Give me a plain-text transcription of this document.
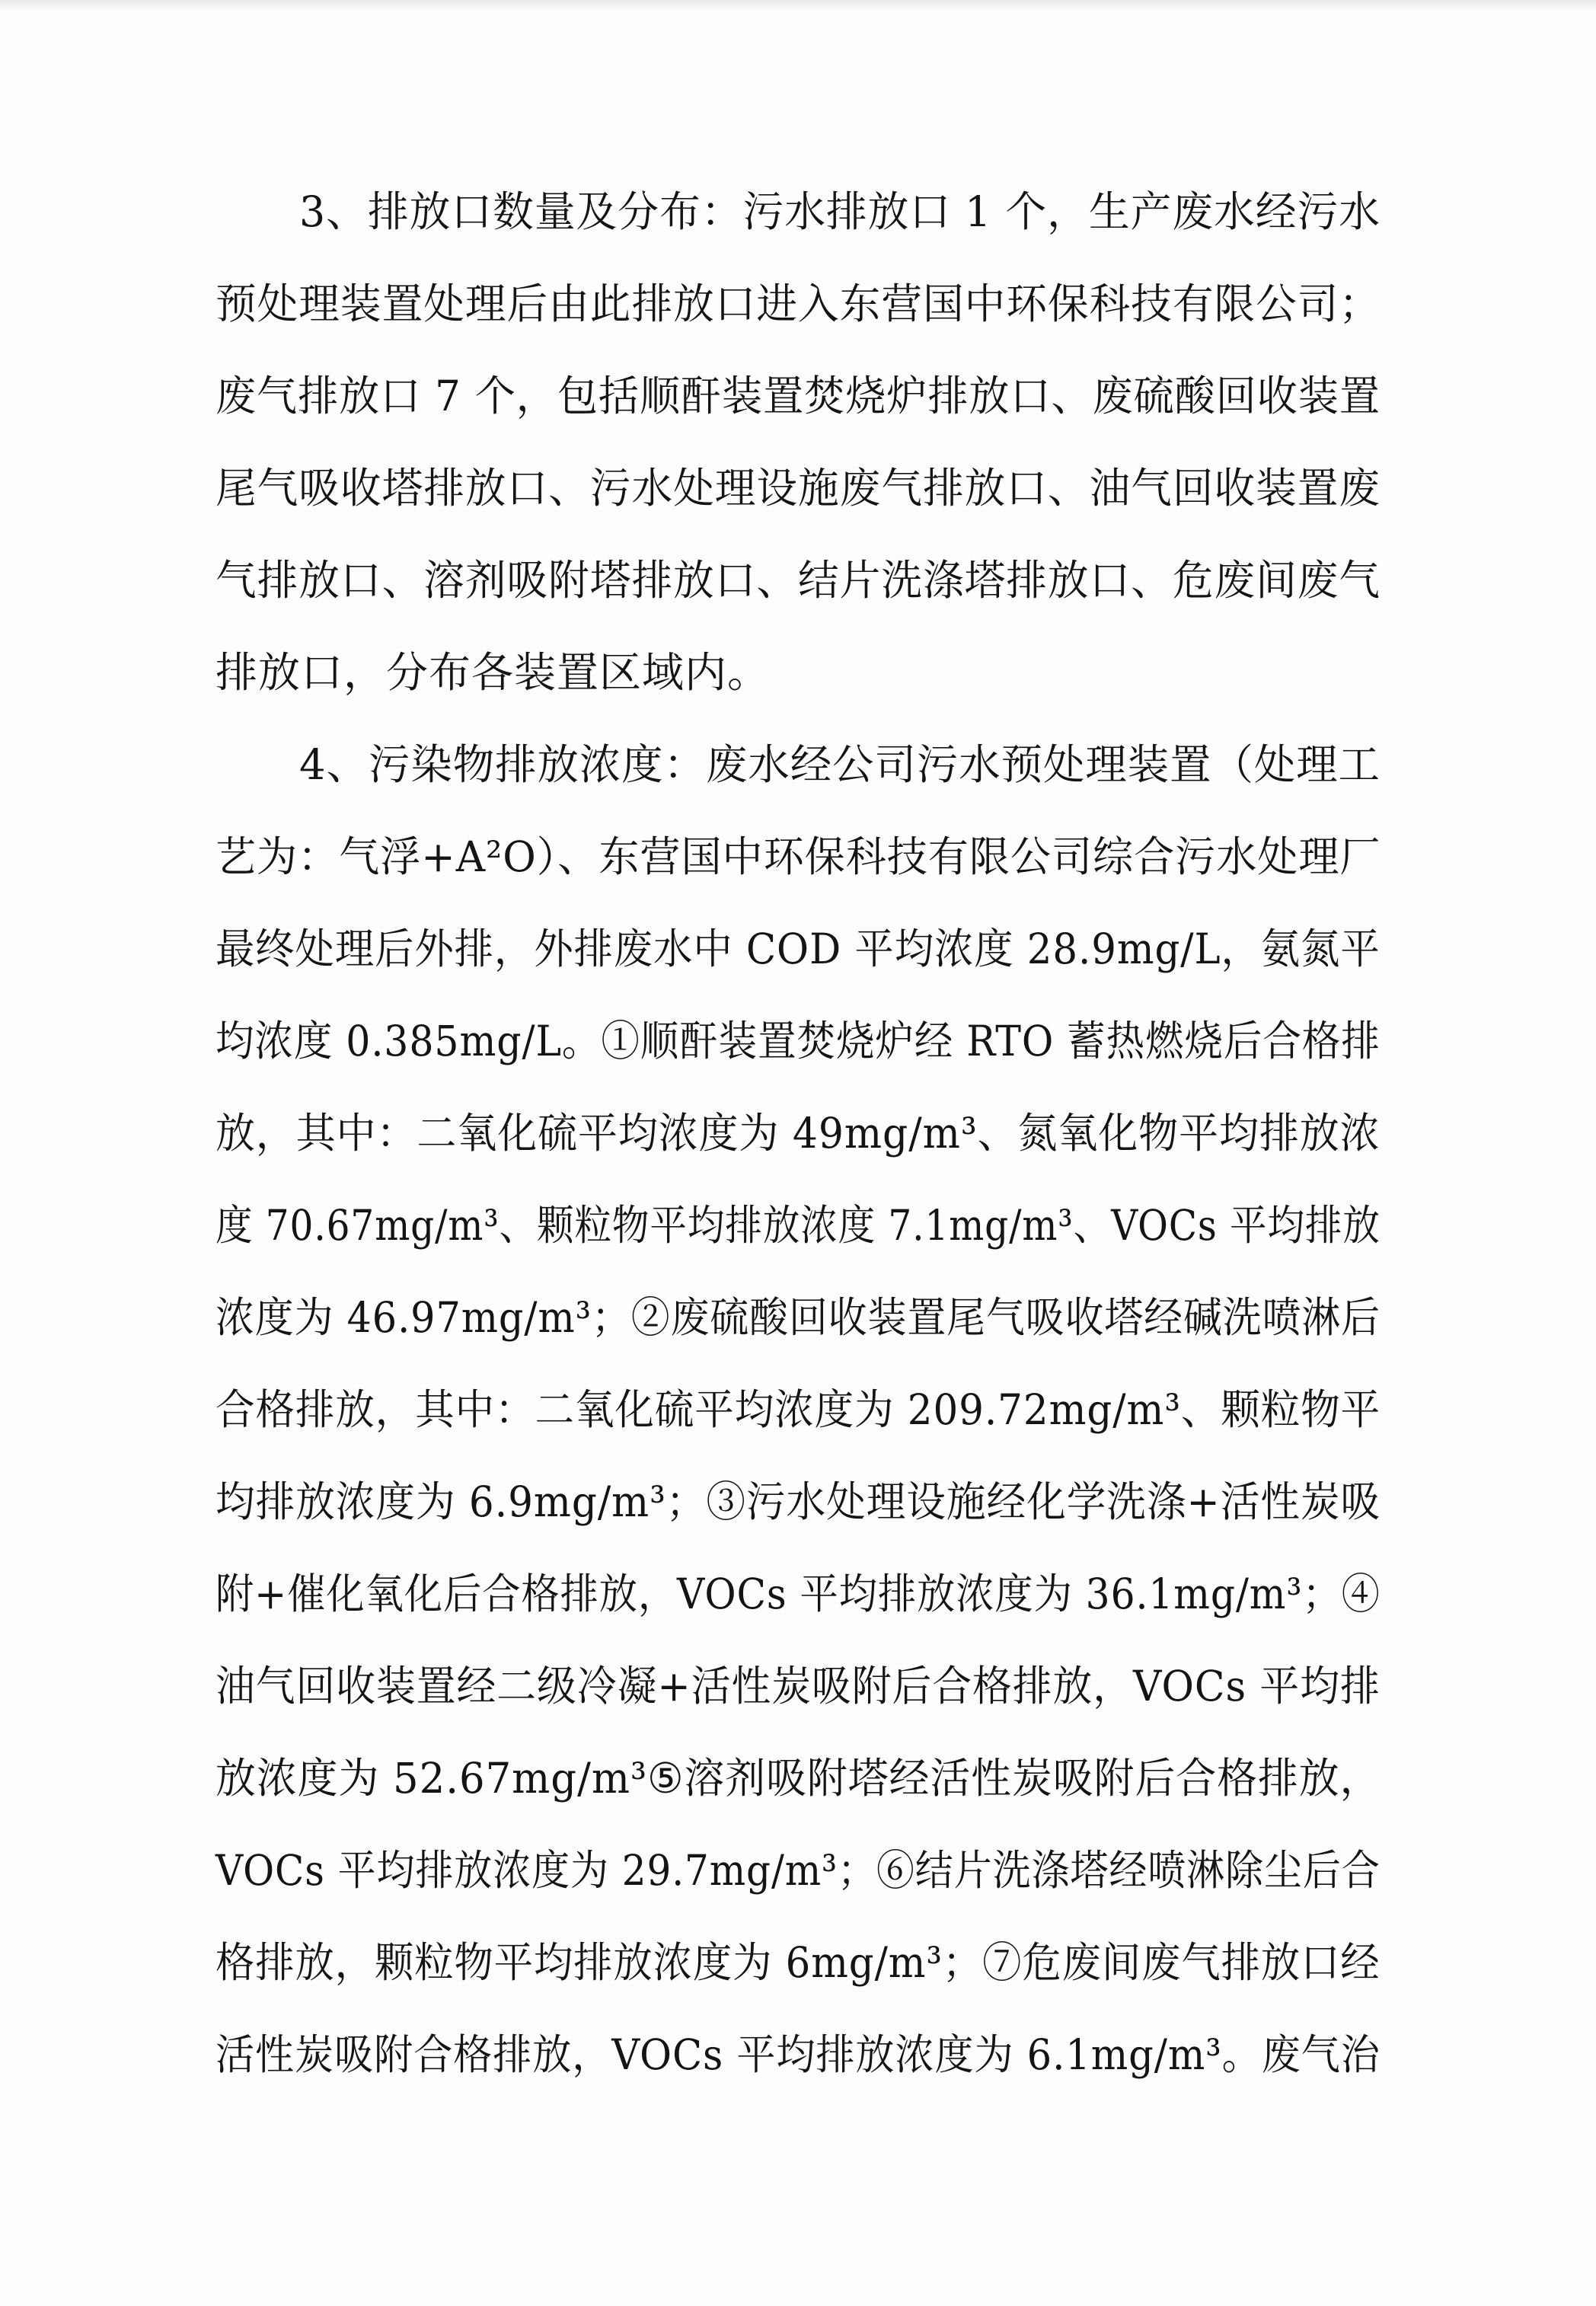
3、排放口数量及分布：污水排放口 1 个，生产废水经污水
预处理装置处理后由此排放口进入东营国中环保科技有限公司；
废气排放口 7 个，包括顺酐装置焚烧炉排放口、废硫酸回收装置
尾气吸收塔排放口、污水处理设施废气排放口、油气回收装置废
气排放口、溶剂吸附塔排放口、结片洗涤塔排放口、危废间废气
排放口，分布各装置区域内。

4、污染物排放浓度：废水经公司污水预处理装置（处理工
艺为：气浮+A²O）、东营国中环保科技有限公司综合污水处理厂
最终处理后外排，外排废水中 COD 平均浓度 28.9mg/L，氨氮平
均浓度 0.385mg/L。①顺酐装置焚烧炉经 RTO 蓄热燃烧后合格排
放，其中：二氧化硫平均浓度为 49mg/m³、氮氧化物平均排放浓
度 70.67mg/m³、颗粒物平均排放浓度 7.1mg/m³、VOCs 平均排放
浓度为 46.97mg/m³；②废硫酸回收装置尾气吸收塔经碱洗喷淋后
合格排放，其中：二氧化硫平均浓度为 209.72mg/m³、颗粒物平
均排放浓度为 6.9mg/m³；③污水处理设施经化学洗涤+活性炭吸
附+催化氧化后合格排放，VOCs 平均排放浓度为 36.1mg/m³；④
油气回收装置经二级冷凝+活性炭吸附后合格排放，VOCs 平均排
放浓度为 52.67mg/m³⑤溶剂吸附塔经活性炭吸附后合格排放，
VOCs 平均排放浓度为 29.7mg/m³；⑥结片洗涤塔经喷淋除尘后合
格排放，颗粒物平均排放浓度为 6mg/m³；⑦危废间废气排放口经
活性炭吸附合格排放，VOCs 平均排放浓度为 6.1mg/m³。废气治
